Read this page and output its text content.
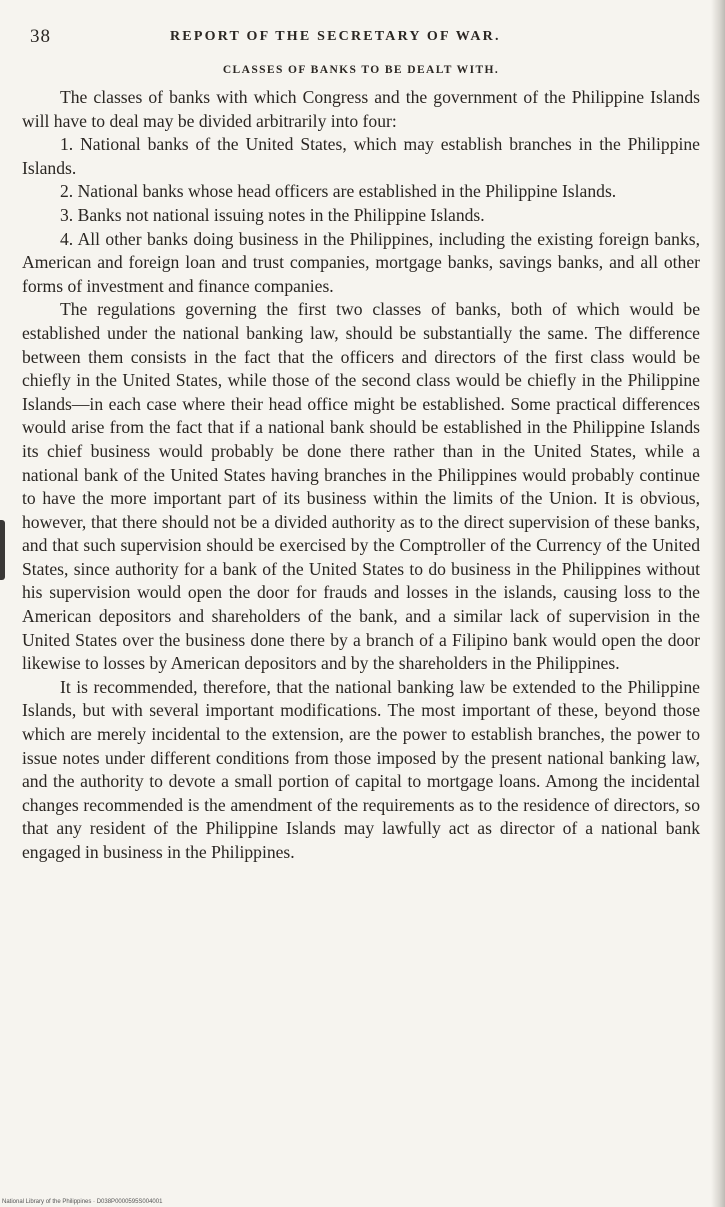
38	REPORT OF THE SECRETARY OF WAR.
CLASSES OF BANKS TO BE DEALT WITH.

The classes of banks with which Congress and the government of the Philippine Islands will have to deal may be divided arbitrarily into four:

1. National banks of the United States, which may establish branches in the Philippine Islands.

2. National banks whose head officers are established in the Philippine Islands.

3. Banks not national issuing notes in the Philippine Islands.

4. All other banks doing business in the Philippines, including the existing foreign banks, American and foreign loan and trust companies, mortgage banks, savings banks, and all other forms of investment and finance companies.

The regulations governing the first two classes of banks, both of which would be established under the national banking law, should be substantially the same. The difference between them consists in the fact that the officers and directors of the first class would be chiefly in the United States, while those of the second class would be chiefly in the Philippine Islands—in each case where their head office might be established. Some practical differences would arise from the fact that if a national bank should be established in the Philippine Islands its chief business would probably be done there rather than in the United States, while a national bank of the United States having branches in the Philippines would probably continue to have the more important part of its business within the limits of the Union. It is obvious, however, that there should not be a divided authority as to the direct supervision of these banks, and that such supervision should be exercised by the Comptroller of the Currency of the United States, since authority for a bank of the United States to do business in the Philippines without his supervision would open the door for frauds and losses in the islands, causing loss to the American depositors and shareholders of the bank, and a similar lack of supervision in the United States over the business done there by a branch of a Filipino bank would open the door likewise to losses by American depositors and by the shareholders in the Philippines.

It is recommended, therefore, that the national banking law be extended to the Philippine Islands, but with several important modifications. The most important of these, beyond those which are merely incidental to the extension, are the power to establish branches, the power to issue notes under different conditions from those imposed by the present national banking law, and the authority to devote a small portion of capital to mortgage loans. Among the incidental changes recommended is the amendment of the requirements as to the residence of directors, so that any resident of the Philippine Islands may lawfully act as director of a national bank engaged in business in the Philippines.

National Library of the Philippines · D038P0000595S004001
